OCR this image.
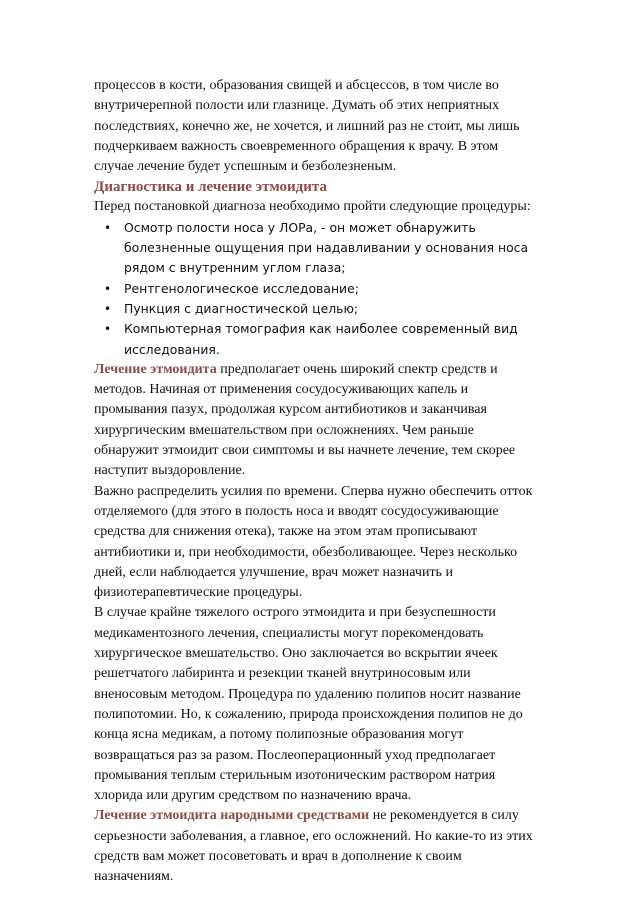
процессов в кости, образования свищей и абсцессов, в том числе во внутричерепной полости или глазнице. Думать об этих неприятных последствиях, конечно же, не хочется, и лишний раз не стоит, мы лишь подчеркиваем важность своевременного обращения к врачу. В этом случае лечение будет успешным и безболезненым.

Диагностика и лечение этмоидита

Перед постановкой диагноза необходимо пройти следующие процедуры:

• Осмотр полости носа у ЛОРа, - он может обнаружить болезненные ощущения при надавливании у основания носа рядом с внутренним углом глаза;
• Рентгенологическое исследование;
• Пункция с диагностической целью;
• Компьютерная томография как наиболее современный вид исследования.

Лечение этмоидита предполагает очень широкий спектр средств и методов. Начиная от применения сосудосуживающих капель и промывания пазух, продолжая курсом антибиотиков и заканчивая хирургическим вмешательством при осложнениях. Чем раньше обнаружит этмоидит свои симптомы и вы начнете лечение, тем скорее наступит выздоровление.

Важно распределить усилия по времени. Сперва нужно обеспечить отток отделяемого (для этого в полость носа и вводят сосудосуживающие средства для снижения отека), также на этом этам прописывают антибиотики и, при необходимости, обезболивающее. Через несколько дней, если наблюдается улучшение, врач может назначить и физиотерапевтические процедуры.

В случае крайне тяжелого острого этмоидита и при безуспешности медикаментозного лечения, специалисты могут порекомендовать хирургическое вмешательство. Оно заключается во вскрытии ячеек решетчатого лабиринта и резекции тканей внутриносовым или вненосовым методом. Процедура по удалению полипов носит название полипотомии. Но, к сожалению, природа происхождения полипов не до конца ясна медикам, а потому полипозные образования могут возвращаться раз за разом. Послеоперационный уход предполагает промывания теплым стерильным изотоническим раствором натрия хлорида или другим средством по назначению врача.

Лечение этмоидита народными средствами не рекомендуется в силу серьезности заболевания, а главное, его осложнений. Но какие-то из этих средств вам может посоветовать и врач в дополнение к своим назначениям.
